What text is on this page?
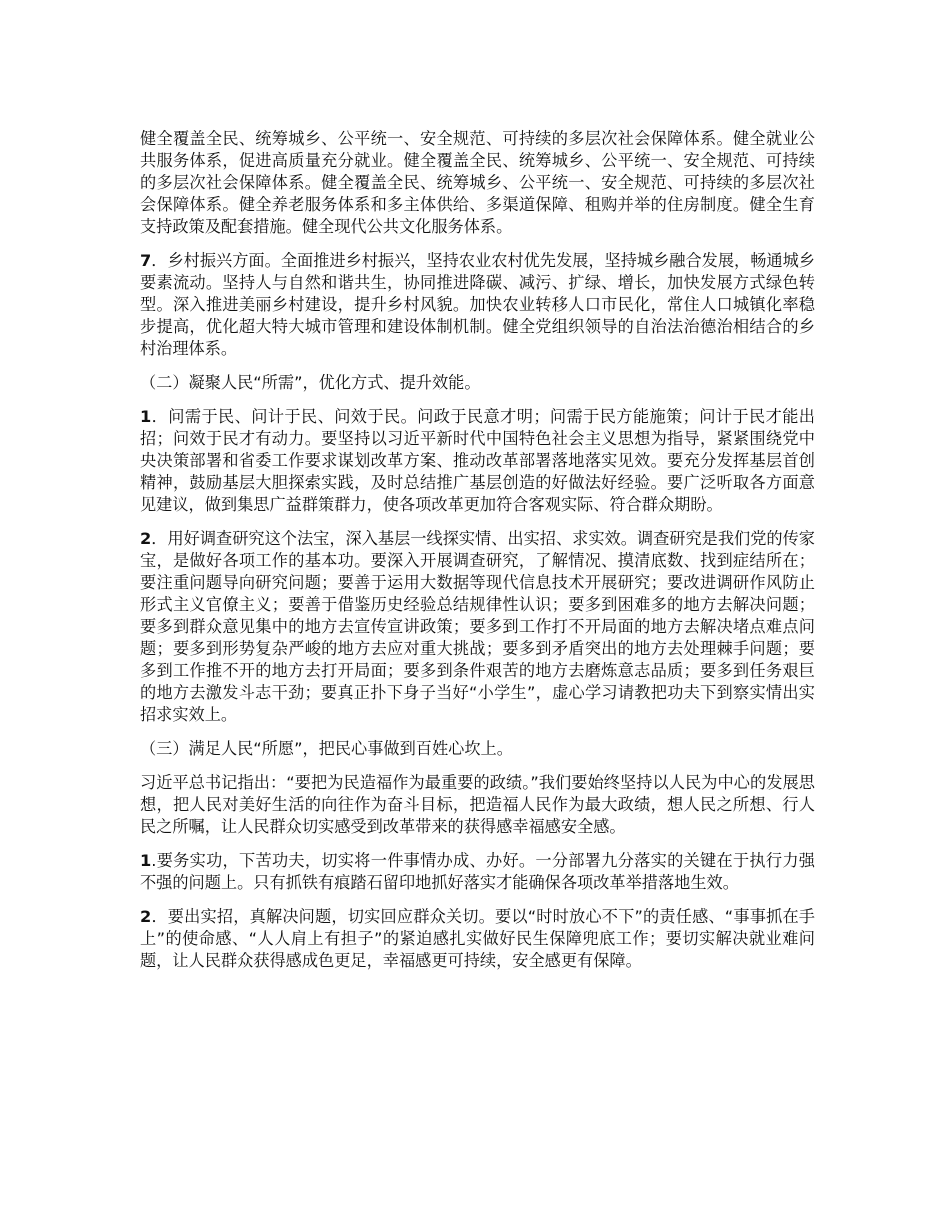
健全覆盖全民、统筹城乡、公平统一、安全规范、可持续的多层次社会保障体系。健全就业公共服务体系，促进高质量充分就业。健全覆盖全民、统筹城乡、公平统一、安全规范、可持续的多层次社会保障体系。健全覆盖全民、统筹城乡、公平统一、安全规范、可持续的多层次社会保障体系。健全养老服务体系和多主体供给、多渠道保障、租购并举的住房制度。健全生育支持政策及配套措施。健全现代公共文化服务体系。

7．乡村振兴方面。全面推进乡村振兴，坚持农业农村优先发展，坚持城乡融合发展，畅通城乡要素流动。坚持人与自然和谐共生，协同推进降碳、减污、扩绿、增长，加快发展方式绿色转型。深入推进美丽乡村建设，提升乡村风貌。加快农业转移人口市民化，常住人口城镇化率稳步提高，优化超大特大城市管理和建设体制机制。健全党组织领导的自治法治德治相结合的乡村治理体系。

（二）凝聚人民“所需”，优化方式、提升效能。

1．问需于民、问计于民、问效于民。问政于民意才明；问需于民方能施策；问计于民才能出招；问效于民才有动力。要坚持以习近平新时代中国特色社会主义思想为指导，紧紧围绕党中央决策部署和省委工作要求谋划改革方案、推动改革部署落地落实见效。要充分发挥基层首创精神，鼓励基层大胆探索实践，及时总结推广基层创造的好做法好经验。要广泛听取各方面意见建议，做到集思广益群策群力，使各项改革更加符合客观实际、符合群众期盼。

2．用好调查研究这个法宝，深入基层一线探实情、出实招、求实效。调查研究是我们党的传家宝，是做好各项工作的基本功。要深入开展调查研究，了解情况、摸清底数、找到症结所在；要注重问题导向研究问题；要善于运用大数据等现代信息技术开展研究；要改进调研作风防止形式主义官僚主义；要善于借鉴历史经验总结规律性认识；要多到困难多的地方去解决问题；要多到群众意见集中的地方去宣传宣讲政策；要多到工作打不开局面的地方去解决堵点难点问题；要多到形势复杂严峻的地方去应对重大挑战；要多到矛盾突出的地方去处理棘手问题；要多到工作推不开的地方去打开局面；要多到条件艰苦的地方去磨炼意志品质；要多到任务艰巨的地方去激发斗志干劲；要真正扑下身子当好“小学生”，虚心学习请教把功夫下到察实情出实招求实效上。

（三）满足人民“所愿”，把民心事做到百姓心坎上。

习近平总书记指出：“要把为民造福作为最重要的政绩。”我们要始终坚持以人民为中心的发展思想，把人民对美好生活的向往作为奋斗目标，把造福人民作为最大政绩，想人民之所想、行人民之所嘱，让人民群众切实感受到改革带来的获得感幸福感安全感。

1.要务实功，下苦功夫，切实将一件事情办成、办好。一分部署九分落实的关键在于执行力强不强的问题上。只有抓铁有痕踏石留印地抓好落实才能确保各项改革举措落地生效。

2．要出实招，真解决问题，切实回应群众关切。要以“时时放心不下”的责任感、“事事抓在手上”的使命感、“人人肩上有担子”的紧迫感扎实做好民生保障兜底工作；要切实解决就业难问题，让人民群众获得感成色更足，幸福感更可持续，安全感更有保障。
